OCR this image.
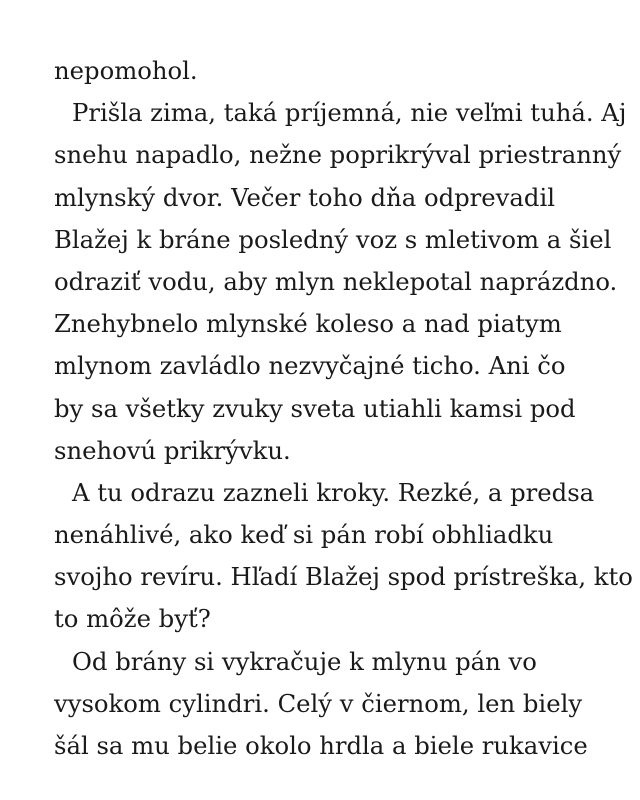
nepomohol.
Prišla zima, taká príjemná, nie veľmi tuhá. Aj
snehu napadlo, nežne poprikrýval priestranný
mlynský dvor. Večer toho dňa odprevadil
Blažej k bráne posledný voz s mletivom a šiel
odraziť vodu, aby mlyn neklepotal naprázdno.
Znehybnelo mlynské koleso a nad piatym
mlynom zavládlo nezvyčajné ticho. Ani čo
by sa všetky zvuky sveta utiahli kamsi pod
snehovú prikrývku.
A tu odrazu zazneli kroky. Rezké, a predsa
nenáhlivé, ako keď si pán robí obhliadku
svojho revíru. Hľadí Blažej spod prístreška, kto
to môže byť?
Od brány si vykračuje k mlynu pán vo
vysokom cylindri. Celý v čiernom, len biely
šál sa mu belie okolo hrdla a biele rukavice
